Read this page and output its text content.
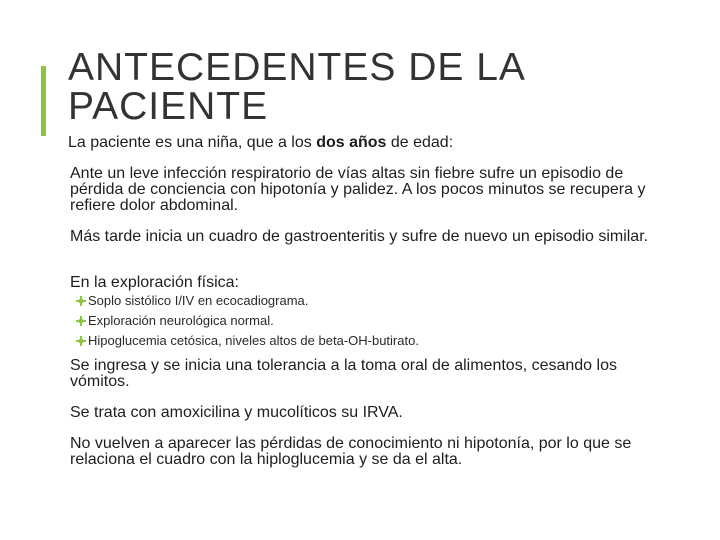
ANTECEDENTES DE LA
PACIENTE

La paciente es una niña, que a los dos años de edad:

Ante un leve infección respiratorio de vías altas sin fiebre sufre un episodio de pérdida de conciencia con hipotonía y palidez. A los pocos minutos se recupera y refiere dolor abdominal.

Más tarde inicia un cuadro de gastroenteritis y sufre de nuevo un episodio similar.

En la exploración física:

Soplo sistólico I/IV en ecocadiograma.
Exploración neurológica normal.
Hipoglucemia cetósica, niveles altos de beta-OH-butirato.

Se ingresa y se inicia una tolerancia a la toma oral de alimentos, cesando los vómitos.

Se trata con amoxicilina y mucolíticos su IRVA.

No vuelven a aparecer las pérdidas de conocimiento ni hipotonía, por lo que se relaciona el cuadro con la hiploglucemia y se da el alta.
